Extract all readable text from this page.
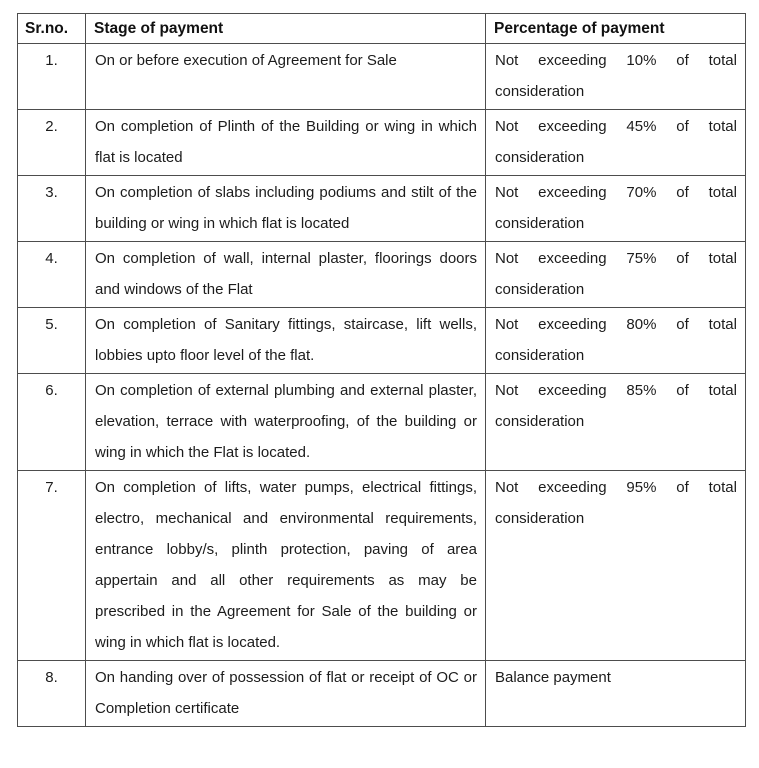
Sr.no.	Stage of payment	Percentage of payment
1.	On or before execution of Agreement for Sale	Not exceeding 10% of total consideration
2.	On completion of Plinth of the Building or wing in which flat is located	Not exceeding 45% of total consideration
3.	On completion of slabs including podiums and stilt of the building or wing in which flat is located	Not exceeding 70% of total consideration
4.	On completion of wall, internal plaster, floorings doors and windows of the Flat	Not exceeding 75% of total consideration
5.	On completion of Sanitary fittings, staircase, lift wells, lobbies upto floor level of the flat.	Not exceeding 80% of total consideration
6.	On completion of external plumbing and external plaster, elevation, terrace with waterproofing, of the building or wing in which the Flat is located.	Not exceeding 85% of total consideration
7.	On completion of lifts, water pumps, electrical fittings, electro, mechanical and environmental requirements, entrance lobby/s, plinth protection, paving of area appertain and all other requirements as may be prescribed in the Agreement for Sale of the building or wing in which flat is located.	Not exceeding 95% of total consideration
8.	On handing over of possession of flat or receipt of OC or Completion certificate	Balance payment
